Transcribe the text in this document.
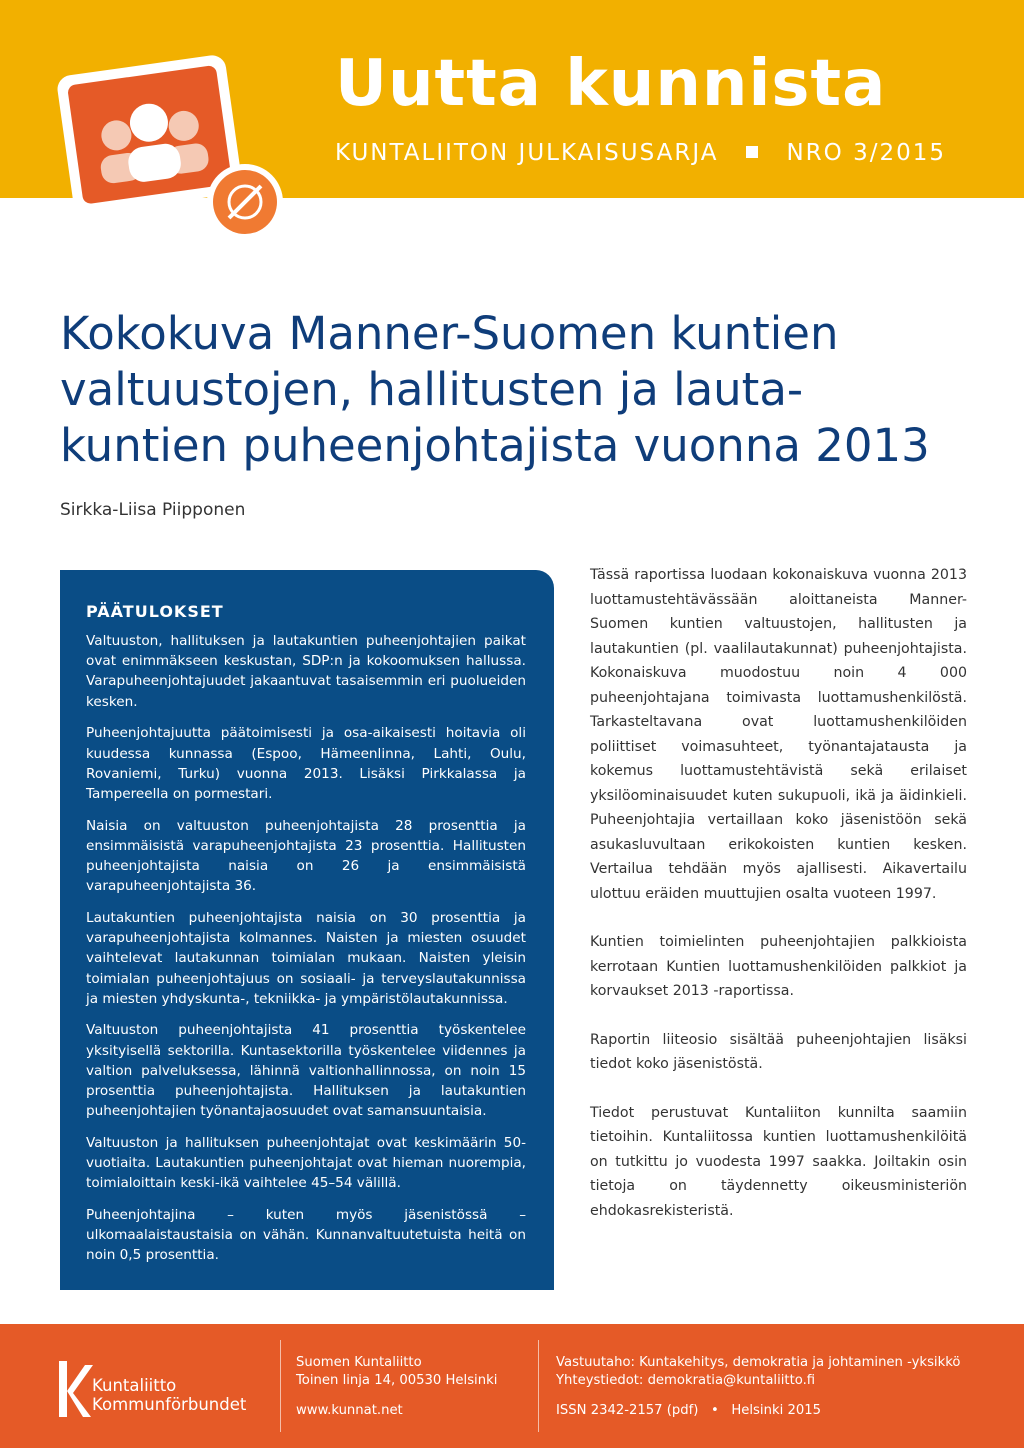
Uutta kunnista
KUNTALIITON JULKAISUSARJA	NRO 3/2015
Kokokuva Manner-Suomen kuntien
valtuustojen, hallitusten ja lauta-
kuntien puheenjohtajista vuonna 2013
Sirkka-Liisa Piipponen
PÄÄTULOKSET

Valtuuston, hallituksen ja lautakuntien puheenjohtajien paikat ovat enimmäkseen keskustan, SDP:n ja kokoomuksen hallussa. Varapuheenjohtajuudet jakaantuvat tasaisemmin eri puolueiden kesken.

Puheenjohtajuutta päätoimisesti ja osa-aikaisesti hoitavia oli kuudessa kunnassa (Espoo, Hämeenlinna, Lahti, Oulu, Rovaniemi, Turku) vuonna 2013. Lisäksi Pirkkalassa ja Tampereella on pormestari.

Naisia on valtuuston puheenjohtajista 28 prosenttia ja ensimmäisistä varapuheenjohtajista 23 prosenttia. Hallitusten puheenjohtajista naisia on 26 ja ensimmäisistä varapuheenjohtajista 36.

Lautakuntien puheenjohtajista naisia on 30 prosenttia ja varapuheenjohtajista kolmannes. Naisten ja miesten osuudet vaihtelevat lautakunnan toimialan mukaan. Naisten yleisin toimialan puheenjohtajuus on sosiaali- ja terveyslautakunnissa ja miesten yhdyskunta-, tekniikka- ja ympäristölautakunnissa.

Valtuuston puheenjohtajista 41 prosenttia työskentelee yksityisellä sektorilla. Kuntasektorilla työskentelee viidennes ja valtion palveluksessa, lähinnä valtionhallinnossa, on noin 15 prosenttia puheenjohtajista. Hallituksen ja lautakuntien puheenjohtajien työnantajaosuudet ovat samansuuntaisia.

Valtuuston ja hallituksen puheenjohtajat ovat keskimäärin 50-vuotiaita. Lautakuntien puheenjohtajat ovat hieman nuorempia, toimialoittain keski-ikä vaihtelee 45–54 välillä.

Puheenjohtajina – kuten myös jäsenistössä – ulkomaalaistaustaisia on vähän. Kunnanvaltuutetuista heitä on noin 0,5 prosenttia.

Tässä raportissa luodaan kokonaiskuva vuonna 2013 luottamustehtävässään aloittaneista Manner-Suomen kuntien valtuustojen, hallitusten ja lautakuntien (pl. vaalilautakunnat) puheenjohtajista. Kokonaiskuva muodostuu noin 4 000 puheenjohtajana toimivasta luottamushenkilöstä. Tarkasteltavana ovat luottamushenkilöiden poliittiset voimasuhteet, työnantajatausta ja kokemus luottamustehtävistä sekä erilaiset yksilöominaisuudet kuten sukupuoli, ikä ja äidinkieli. Puheenjohtajia vertaillaan koko jäsenistöön sekä asukasluvultaan erikokoisten kuntien kesken. Vertailua tehdään myös ajallisesti. Aikavertailu ulottuu eräiden muuttujien osalta vuoteen 1997.

Kuntien toimielinten puheenjohtajien palkkioista kerrotaan Kuntien luottamushenkilöiden palkkiot ja korvaukset 2013 -raportissa.

Raportin liiteosio sisältää puheenjohtajien lisäksi tiedot koko jäsenistöstä.

Tiedot perustuvat Kuntaliiton kunnilta saamiin tietoihin. Kuntaliitossa kuntien luottamushenkilöitä on tutkittu jo vuodesta 1997 saakka. Joiltakin osin tietoja on täydennetty oikeusministeriön ehdokasrekisteristä.

Kuntaliitto
Kommunförbundet
Suomen Kuntaliitto
Toinen linja 14, 00530 Helsinki
www.kunnat.net
Vastuutaho: Kuntakehitys, demokratia ja johtaminen -yksikkö
Yhteystiedot: demokratia@kuntaliitto.fi
ISSN 2342-2157 (pdf)   •   Helsinki 2015
